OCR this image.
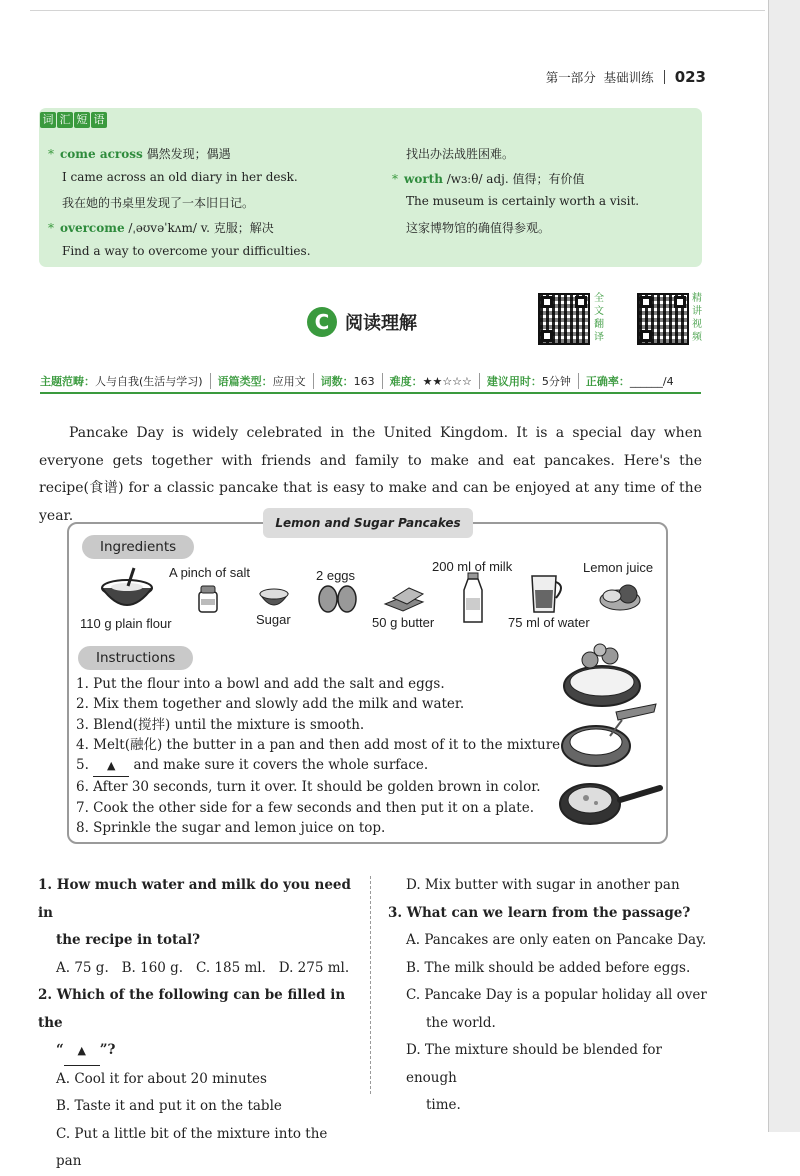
第一部分
基础训练 023
词 汇 短 语
* come across 偶然发现；偶遇
I came across an old diary in her desk.
我在她的书桌里发现了一本旧日记。
* overcome /ˌəʊvəˈkʌm/ v. 克服；解决
Find a way to overcome your difficulties.
找出办法战胜困难。
* worth /wɜːθ/ adj. 值得；有价值
The museum is certainly worth a visit.
这家博物馆的确值得参观。
C 阅读理解
全文翻译
精讲视频
主题范畴：人与自我(生活与学习)	语篇类型：应用文	词数：163	难度：★★☆☆☆	建议用时：5分钟	正确率：______/4
Pancake Day is widely celebrated in the United Kingdom. It is a special day when everyone gets together with friends and family to make and eat pancakes. Here's the recipe(食谱) for a classic pancake that is easy to make and can be enjoyed at any time of the year.	Lemon and Sugar Pancakes
Ingredients
Instructions
110 g plain flour
A pinch of salt
Sugar
2 eggs
50 g butter
200 ml of milk
75 ml of water
Lemon juice
1. Put the flour into a bowl and add the salt and eggs.
2. Mix them together and slowly add the milk and water.
3. Blend(搅拌) until the mixture is smooth.
4. Melt(融化) the butter in a pan and then add most of it to the mixture.
5. ▲ and make sure it covers the whole surface.
6. After 30 seconds, turn it over. It should be golden brown in color.
7. Cook the other side for a few seconds and then put it on a plate.
8. Sprinkle the sugar and lemon juice on top.
1. How much water and milk do you need in
the recipe in total?
A. 75 g.   B. 160 g.   C. 185 ml.   D. 275 ml.
2. Which of the following can be filled in the
“ ▲ ”?
A. Cool it for about 20 minutes
B. Taste it and put it on the table
C. Put a little bit of the mixture into the pan
D. Mix butter with sugar in another pan
3. What can we learn from the passage?
A. Pancakes are only eaten on Pancake Day.
B. The milk should be added before eggs.
C. Pancake Day is a popular holiday all over
the world.
D. The mixture should be blended for enough
time.
